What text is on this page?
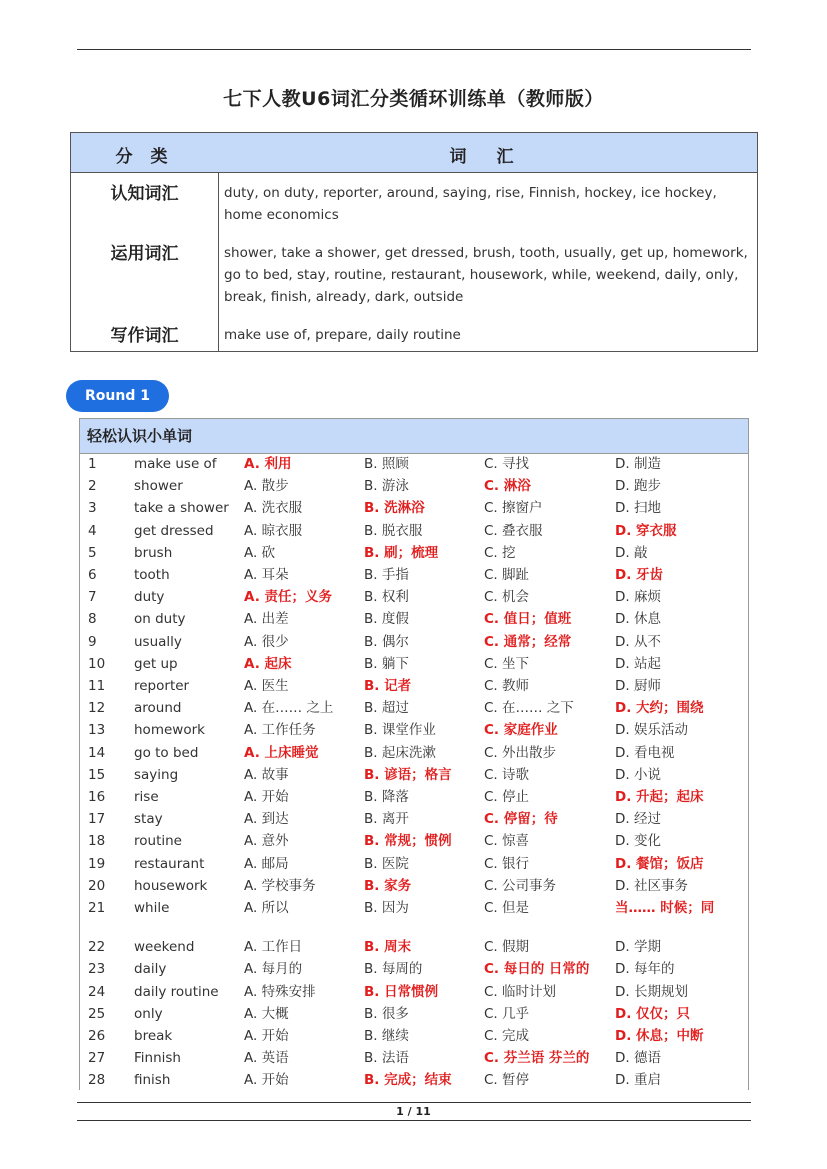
七下人教U6词汇分类循环训练单（教师版）
分 类	词 汇
认知词汇	duty, on duty, reporter, around, saying, rise, Finnish, hockey, ice hockey, home economics
运用词汇	shower, take a shower, get dressed, brush, tooth, usually, get up, homework, go to bed, stay, routine, restaurant, housework, while, weekend, daily, only, break, finish, already, dark, outside
写作词汇	make use of, prepare, daily routine
Round 1
轻松认识小单词
1	make use of A. 利用	B. 照顾	C. 寻找	D. 制造
2	shower	A. 散步	B. 游泳	C. 淋浴	D. 跑步
3	take a shower A. 洗衣服	B. 洗淋浴	C. 擦窗户	D. 扫地
4	get dressed A. 晾衣服	B. 脱衣服	C. 叠衣服	D. 穿衣服
5	brush	A. 砍	B. 刷；梳理	C. 挖	D. 敲
6	tooth	A. 耳朵	B. 手指	C. 脚趾	D. 牙齿
7	duty	A. 责任；义务 B. 权利	C. 机会	D. 麻烦
8	on duty	A. 出差	B. 度假	C. 值日；值班	D. 休息
9	usually	A. 很少	B. 偶尔	C. 通常；经常	D. 从不
10 get up	A. 起床	B. 躺下	C. 坐下	D. 站起
11 reporter	A. 医生	B. 记者	C. 教师	D. 厨师
12 around	A. 在…… 之上 B. 超过	C. 在…… 之下	D. 大约；围绕
13 homework	A. 工作任务	B. 课堂作业	C. 家庭作业	D. 娱乐活动
14 go to bed	A. 上床睡觉	B. 起床洗漱	C. 外出散步	D. 看电视
15 saying	A. 故事	B. 谚语；格言 C. 诗歌	D. 小说
16 rise	A. 开始	B. 降落	C. 停止	D. 升起；起床
17 stay	A. 到达	B. 离开	C. 停留；待	D. 经过
18 routine	A. 意外	B. 常规；惯例 C. 惊喜	D. 变化
19 restaurant	A. 邮局	B. 医院	C. 银行	D. 餐馆；饭店
20 housework	A. 学校事务	B. 家务	C. 公司事务	D. 社区事务
21 while	A. 所以	B. 因为	C. 但是	当…… 时候；同
22 weekend	A. 工作日	B. 周末	C. 假期	D. 学期
23 daily	A. 每月的	B. 每周的	C. 每日的 日常的 D. 每年的
24 daily routine A. 特殊安排	B. 日常惯例	C. 临时计划	D. 长期规划
25 only	A. 大概	B. 很多	C. 几乎	D. 仅仅；只
26 break	A. 开始	B. 继续	C. 完成	D. 休息；中断
27 Finnish	A. 英语	B. 法语	C. 芬兰语 芬兰的 D. 德语
28 finish	A. 开始	B. 完成；结束 C. 暂停	D. 重启
1 / 11
